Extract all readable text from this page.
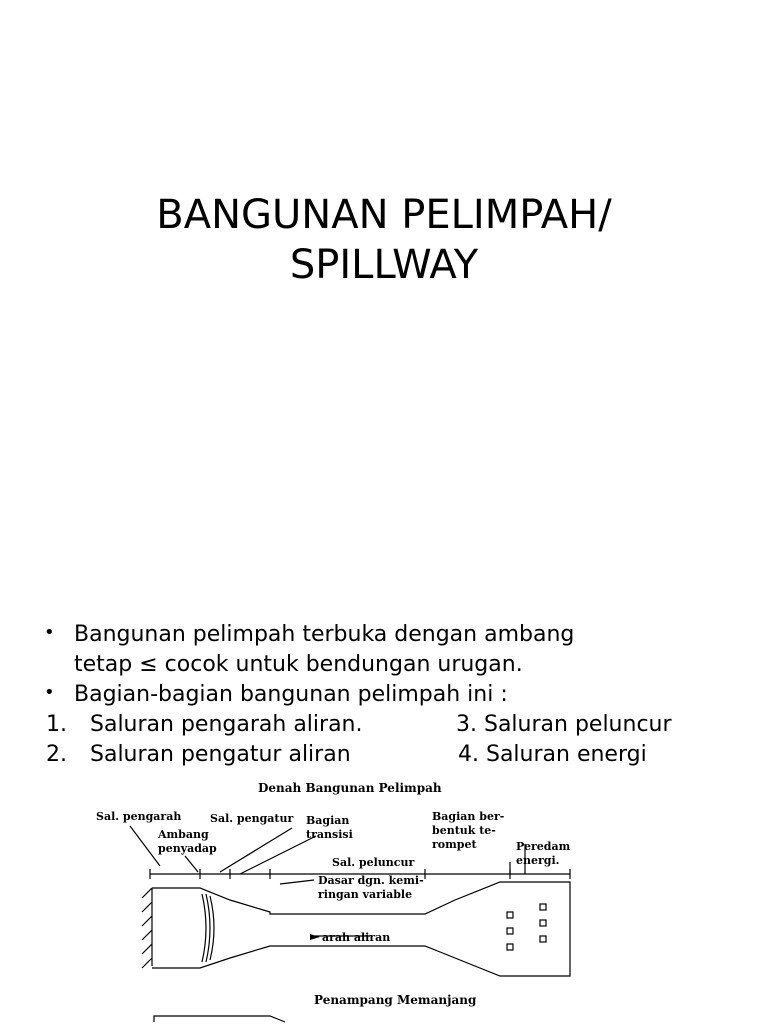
BANGUNAN PELIMPAH/
SPILLWAY
• Bangunan pelimpah terbuka dengan ambang
tetap ≤ cocok untuk bendungan urugan.
• Bagian-bagian bangunan pelimpah ini :
1. Saluran pengarah aliran.	3. Saluran peluncur
2. Saluran pengatur aliran	4. Saluran energi
Denah Bangunan Pelimpah
Sal. pengarah	Sal. pengatur Bagian
transisi
Bagian ber-
bentuk te-
rompet
Ambang
penyadap	Peredam
energi.
Sal. peluncur
Dasar dgn. kemi-
ringan variable
arah aliran
Penampang Memanjang
